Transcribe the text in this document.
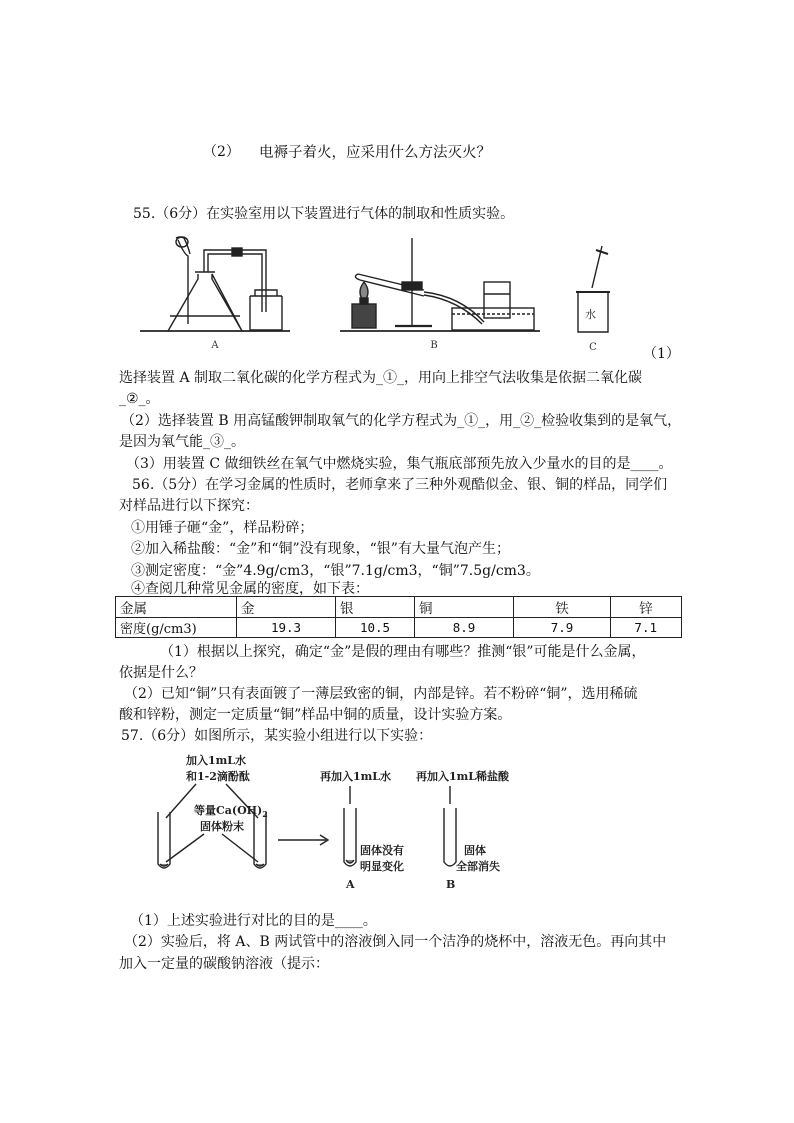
（2） 电褥子着火，应采用什么方法灭火？
55.（6分）在实验室用以下装置进行气体的制取和性质实验。
水
A	B	C	（1）
选择装置 A 制取二氧化碳的化学方程式为_①_，用向上排空气法收集是依据二氧化碳
_②_。
（2）选择装置 B 用高锰酸钾制取氧气的化学方程式为_①_，用_②_检验收集到的是氧气，
是因为氧气能_③_。
（3）用装置 C 做细铁丝在氧气中燃烧实验，集气瓶底部预先放入少量水的目的是____。
56.（5分）在学习金属的性质时，老师拿来了三种外观酷似金、银、铜的样品，同学们
对样品进行以下探究：
①用锤子砸“金”，样品粉碎；
②加入稀盐酸：“金”和“铜”没有现象，“银”有大量气泡产生；
③测定密度：“金”4.9g/cm3，“银”7.1g/cm3，“铜”7.5g/cm3。
④查阅几种常见金属的密度，如下表：
金属	金	银	铜	铁	锌
密度(g/cm3)	19.3	10.5	8.9	7.9	7.1
（1）根据以上探究，确定“金”是假的理由有哪些？推测“银”可能是什么金属，
依据是什么？
（2）已知“铜”只有表面镀了一薄层致密的铜，内部是锌。若不粉碎“铜”，选用稀硫
酸和锌粉，测定一定质量“铜”样品中铜的质量，设计实验方案。
57.（6分）如图所示，某实验小组进行以下实验：
加入1mL水
和1-2滴酚酞
等量$Ca(OH)_2$
固体粉末
再加入1mL水 再加入1mL稀盐酸
固体没有
明显变化
固体
全部消失
A	B
（1）上述实验进行对比的目的是____。
（2）实验后，将 A、B 两试管中的溶液倒入同一个洁净的烧杯中，溶液无色。再向其中
加入一定量的碳酸钠溶液（提示：
